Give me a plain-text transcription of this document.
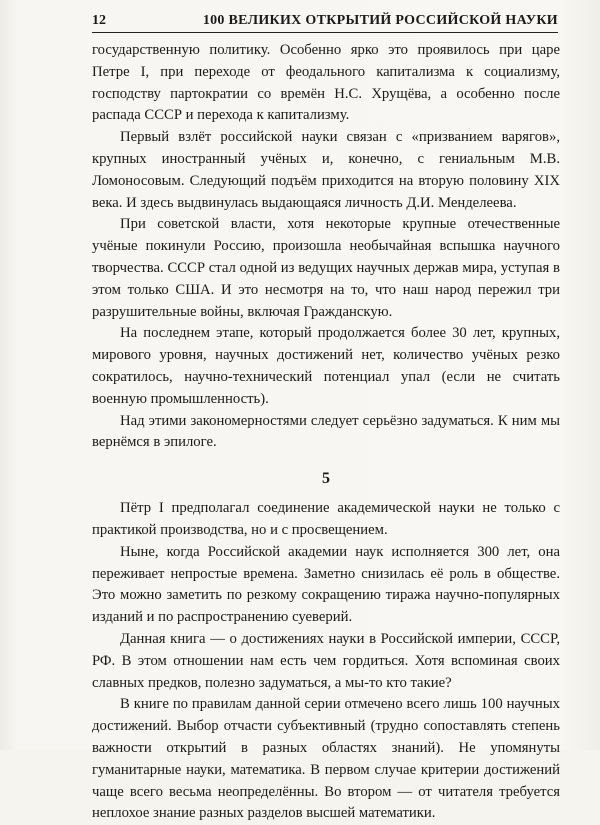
12	100 ВЕЛИКИХ ОТКРЫТИЙ РОССИЙСКОЙ НАУКИ

государственную политику. Особенно ярко это проявилось при царе Петре I, при переходе от феодального капитализма к социализму, господству партократии со времён Н.С. Хрущёва, а особенно после распада СССР и перехода к капитализму.

Первый взлёт российской науки связан с «призванием варягов», крупных иностранный учёных и, конечно, с гениальным М.В. Ломоносовым. Следующий подъём приходится на вторую половину XIX века. И здесь выдвинулась выдающаяся личность Д.И. Менделеева.

При советской власти, хотя некоторые крупные отечественные учёные покинули Россию, произошла необычайная вспышка научного творчества. СССР стал одной из ведущих научных держав мира, уступая в этом только США. И это несмотря на то, что наш народ пережил три разрушительные войны, включая Гражданскую.

На последнем этапе, который продолжается более 30 лет, крупных, мирового уровня, научных достижений нет, количество учёных резко сократилось, научно-технический потенциал упал (если не считать военную промышленность).

Над этими закономерностями следует серьёзно задуматься. К ним мы вернёмся в эпилоге.

5

Пётр I предполагал соединение академической науки не только с практикой производства, но и с просвещением.

Ныне, когда Российской академии наук исполняется 300 лет, она переживает непростые времена. Заметно снизилась её роль в обществе. Это можно заметить по резкому сокращению тиража научно-популярных изданий и по распространению суеверий.

Данная книга — о достижениях науки в Российской империи, СССР, РФ. В этом отношении нам есть чем гордиться. Хотя вспоминая своих славных предков, полезно задуматься, а мы-то кто такие?

В книге по правилам данной серии отмечено всего лишь 100 научных достижений. Выбор отчасти субъективный (трудно сопоставлять степень важности открытий в разных областях знаний). Не упомянуты гуманитарные науки, математика. В первом случае критерии достижений чаще всего весьма неопределённы. Во втором — от читателя требуется неплохое знание разных разделов высшей математики.
